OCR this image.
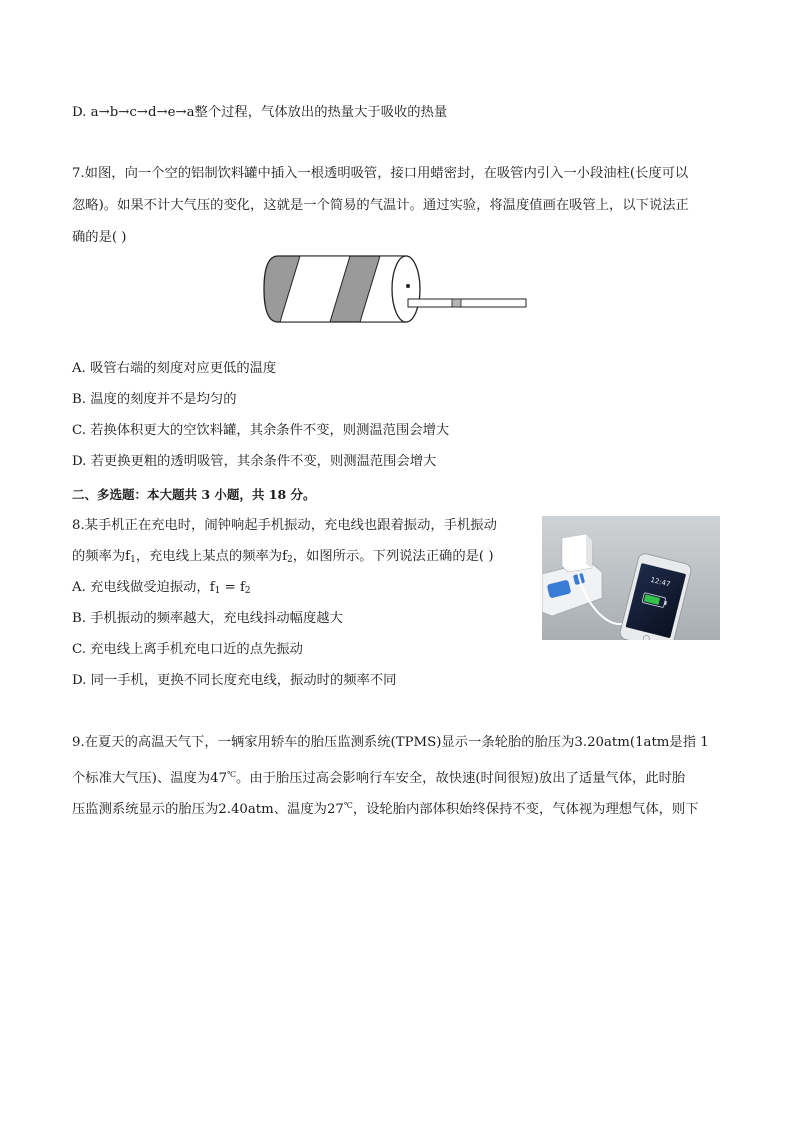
D. a→b→c→d→e→a整个过程，气体放出的热量大于吸收的热量
7.如图，向一个空的铝制饮料罐中插入一根透明吸管，接口用蜡密封，在吸管内引入一小段油柱(长度可以
忽略)。如果不计大气压的变化，这就是一个简易的气温计。通过实验，将温度值画在吸管上，以下说法正
确的是( )
A. 吸管右端的刻度对应更低的温度
B. 温度的刻度并不是均匀的
C. 若换体积更大的空饮料罐，其余条件不变，则测温范围会增大
D. 若更换更粗的透明吸管，其余条件不变，则测温范围会增大
二、多选题：本大题共 3 小题，共 18 分。
8.某手机正在充电时，闹钟响起手机振动，充电线也跟着振动，手机振动
的频率为$f_1$，充电线上某点的频率为$f_2$，如图所示。下列说法正确的是( )
A. 充电线做受迫振动，$f_1 = f_2$
B. 手机振动的频率越大，充电线抖动幅度越大
C. 充电线上离手机充电口近的点先振动
D. 同一手机，更换不同长度充电线，振动时的频率不同
12:47
9.在夏天的高温天气下，一辆家用轿车的胎压监测系统(TPMS)显示一条轮胎的胎压为3.20atm(1atm是指 1
个标准大气压)、温度为47℃。由于胎压过高会影响行车安全，故快速(时间很短)放出了适量气体，此时胎
压监测系统显示的胎压为2.40atm、温度为27℃，设轮胎内部体积始终保持不变，气体视为理想气体，则下
